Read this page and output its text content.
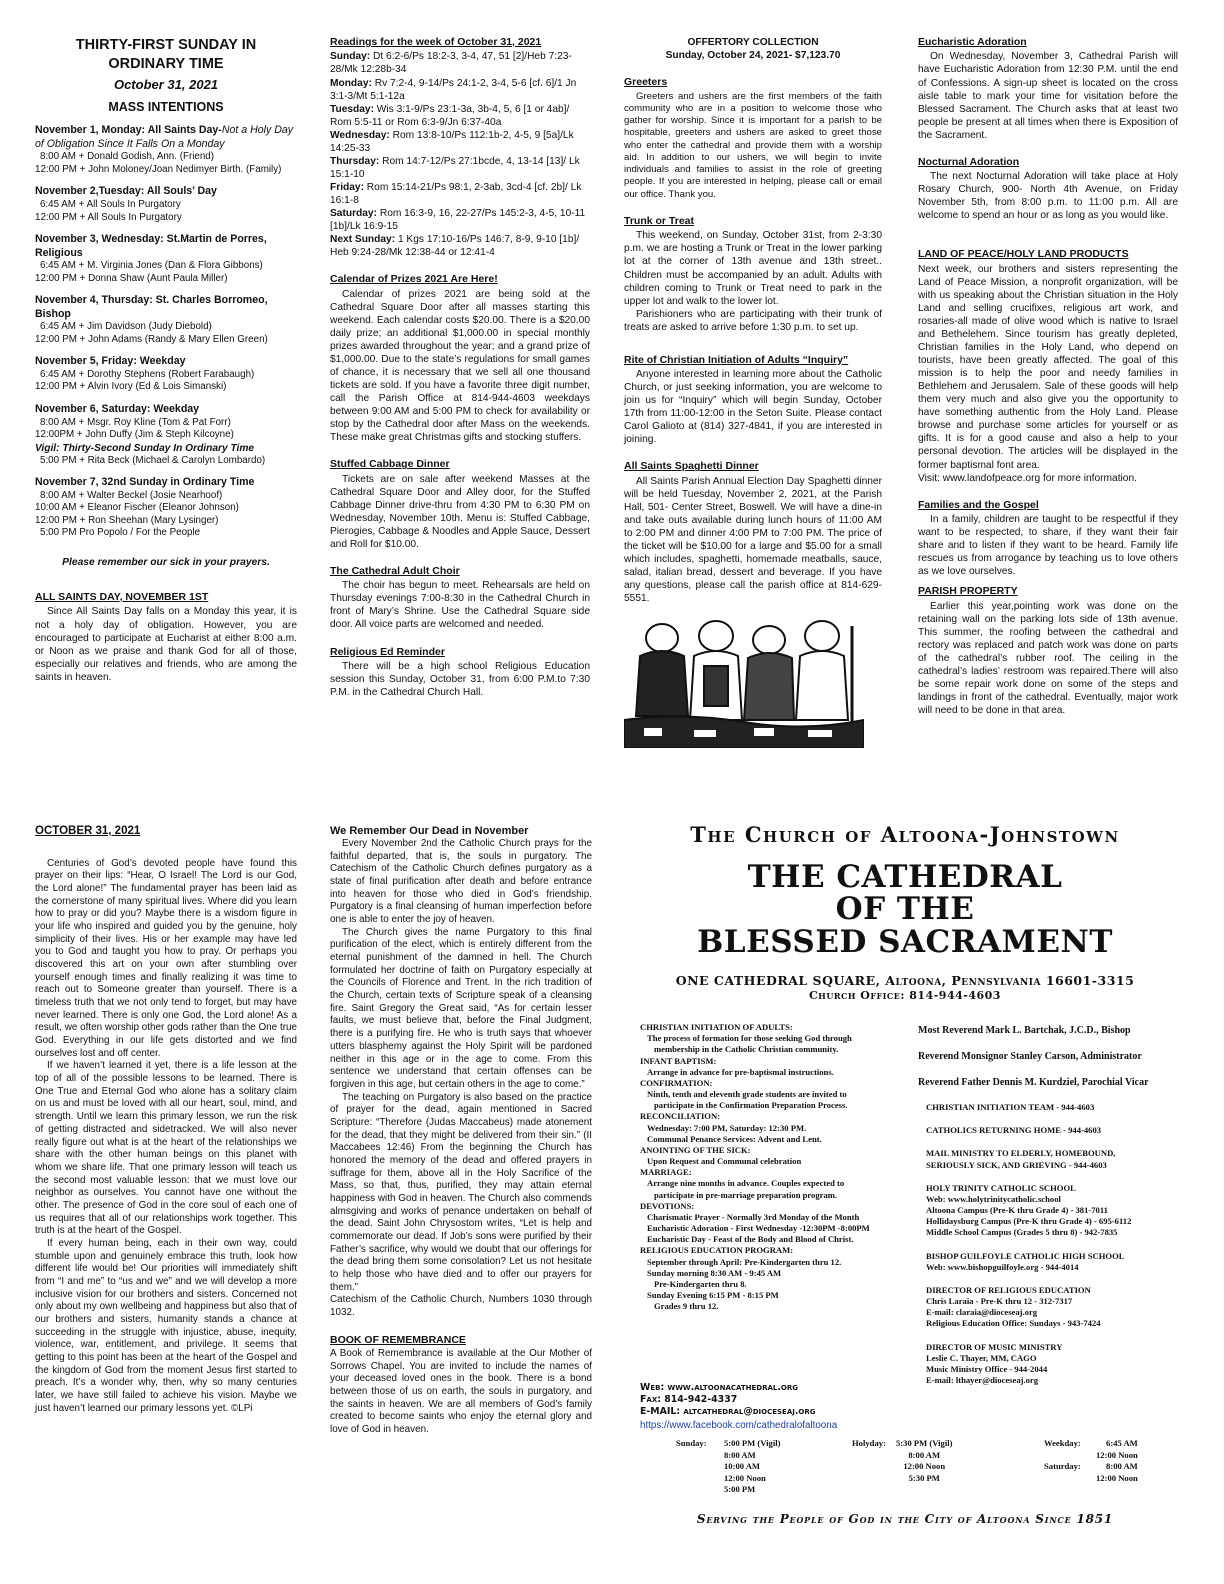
THIRTY-FIRST SUNDAY IN ORDINARY TIME
October 31, 2021
MASS INTENTIONS
November 1, Monday: All Saints Day-Not a Holy Day of Obligation Since It Falls On a Monday
8:00 AM + Donald Godish, Ann. (Friend)
12:00 PM + John Moloney/Joan Nedimyer Birth. (Family)
November 2,Tuesday: All Souls’ Day
6:45 AM + All Souls In Purgatory
12:00 PM + All Souls In Purgatory
November 3, Wednesday: St.Martin de Porres, Religious
6:45 AM + M. Virginia Jones (Dan & Flora Gibbons)
12:00 PM + Donna Shaw (Aunt Paula Miller)
November 4, Thursday: St. Charles Borromeo, Bishop
6:45 AM + Jim Davidson (Judy Diebold)
12:00 PM + John Adams (Randy & Mary Ellen Green)
November 5, Friday: Weekday
6:45 AM + Dorothy Stephens (Robert Farabaugh)
12:00 PM + Alvin Ivory (Ed & Lois Simanski)
November 6, Saturday: Weekday
8:00 AM + Msgr. Roy Kline (Tom & Pat Forr)
12:00PM + John Duffy (Jim & Steph Kilcoyne)
Vigil: Thirty-Second Sunday In Ordinary Time
5:00 PM + Rita Beck (Michael & Carolyn Lombardo)
November 7, 32nd Sunday in Ordinary Time
8:00 AM + Walter Beckel (Josie Nearhoof)
10:00 AM + Eleanor Fischer (Eleanor Johnson)
12:00 PM + Ron Sheehan (Mary Lysinger)
5:00 PM Pro Popolo / For the People
Please remember our sick in your prayers.
ALL SAINTS DAY, NOVEMBER 1ST

Since All Saints Day falls on a Monday this year, it is not a holy day of obligation. However, you are encouraged to participate at Eucharist at either 8:00 a.m. or Noon as we praise and thank God for all of those, especially our relatives and friends, who are among the saints in heaven.

Readings for the week of October 31, 2021
Sunday: Dt 6:2-6/Ps 18:2-3, 3-4, 47, 51 [2]/Heb 7:23-28/Mk 12:28b-34
Monday: Rv 7:2-4, 9-14/Ps 24:1-2, 3-4, 5-6 [cf. 6]/1 Jn 3:1-3/Mt 5:1-12a
Tuesday: Wis 3:1-9/Ps 23:1-3a, 3b-4, 5, 6 [1 or 4ab]/ Rom 5:5-11 or Rom 6:3-9/Jn 6:37-40a
Wednesday: Rom 13:8-10/Ps 112:1b-2, 4-5, 9 [5a]/Lk 14:25-33
Thursday: Rom 14:7-12/Ps 27:1bcde, 4, 13-14 [13]/ Lk 15:1-10
Friday: Rom 15:14-21/Ps 98:1, 2-3ab, 3cd-4 [cf. 2b]/ Lk 16:1-8
Saturday: Rom 16:3-9, 16, 22-27/Ps 145:2-3, 4-5, 10-11 [1b]/Lk 16:9-15
Next Sunday: 1 Kgs 17:10-16/Ps 146:7, 8-9, 9-10 [1b]/ Heb 9:24-28/Mk 12:38-44 or 12:41-4
Calendar of Prizes 2021 Are Here!

Calendar of prizes 2021 are being sold at the Cathedral Square Door after all masses starting this weekend. Each calendar costs $20.00. There is a $20.00 daily prize; an additional $1,000.00 in special monthly prizes awarded throughout the year; and a grand prize of $1,000.00. Due to the state’s regulations for small games of chance, it is necessary that we sell all one thousand tickets are sold. If you have a favorite three digit number, call the Parish Office at 814-944-4603 weekdays between 9:00 AM and 5:00 PM to check for availability or stop by the Cathedral door after Mass on the weekends. These make great Christmas gifts and stocking stuffers.

Stuffed Cabbage Dinner

Tickets are on sale after weekend Masses at the Cathedral Square Door and Alley door, for the Stuffed Cabbage Dinner drive-thru from 4:30 PM to 6:30 PM on Wednesday, November 10th. Menu is: Stuffed Cabbage, Pierogies, Cabbage & Noodles and Apple Sauce, Dessert and Roll for $10.00.

The Cathedral Adult Choir

The choir has begun to meet. Rehearsals are held on Thursday evenings 7:00-8:30 in the Cathedral Church in front of Mary’s Shrine. Use the Cathedral Square side door. All voice parts are welcomed and needed.

Religious Ed Reminder

There will be a high school Religious Education session this Sunday, October 31, from 6:00 P.M.to 7:30 P.M. in the Cathedral Church Hall.

OFFERTORY COLLECTION
Sunday, October 24, 2021- $7,123.70
Greeters

Greeters and ushers are the first members of the faith community who are in a position to welcome those who gather for worship. Since it is important for a parish to be hospitable, greeters and ushers are asked to greet those who enter the cathedral and provide them with a worship aid. In addition to our ushers, we will begin to invite individuals and families to assist in the role of greeting people. If you are interested in helping, please call or email our office. Thank you.

Trunk or Treat

This weekend, on Sunday, October 31st, from 2-3:30 p.m. we are hosting a Trunk or Treat in the lower parking lot at the corner of 13th avenue and 13th street.. Children must be accompanied by an adult. Adults with children coming to Trunk or Treat need to park in the upper lot and walk to the lower lot.

Parishioners who are participating with their trunk of treats are asked to arrive before 1:30 p.m. to set up.

Rite of Christian Initiation of Adults “Inquiry”

Anyone interested in learning more about the Catholic Church, or just seeking information, you are welcome to join us for “Inquiry” which will begin Sunday, October 17th from 11:00-12:00 in the Seton Suite. Please contact Carol Galioto at (814) 327-4841, if you are interested in joining.

All Saints Spaghetti Dinner

All Saints Parish Annual Election Day Spaghetti dinner will be held Tuesday, November 2, 2021, at the Parish Hall, 501- Center Street, Boswell. We will have a dine-in and take outs available during lunch hours of 11:00 AM to 2:00 PM and dinner 4:00 PM to 7:00 PM. The price of the ticket will be $10.00 for a large and $5.00 for a small which includes, spaghetti, homemade meatballs, sauce, salad, italian bread, dessert and beverage. If you have any questions, please call the parish office at 814-629-5551.

Eucharistic Adoration

On Wednesday, November 3, Cathedral Parish will have Eucharistic Adoration from 12:30 P.M. until the end of Confessions. A sign-up sheet is located on the cross aisle table to mark your time for visitation before the Blessed Sacrament. The Church asks that at least two people be present at all times when there is Exposition of the Sacrament.

Nocturnal Adoration

The next Nocturnal Adoration will take place at Holy Rosary Church, 900- North 4th Avenue, on Friday November 5th, from 8:00 p.m. to 11:00 p.m. All are welcome to spend an hour or as long as you would like.

LAND OF PEACE/HOLY LAND PRODUCTS

Next week, our brothers and sisters representing the Land of Peace Mission, a nonprofit organization, will be with us speaking about the Christian situation in the Holy Land and selling crucifixes, religious art work, and rosaries-all made of olive wood which is native to Israel and Bethelehem. Since tourism has greatly depleted, Christian families in the Holy Land, who depend on tourists, have been greatly affected. The goal of this mission is to help the poor and needy families in Bethlehem and Jerusalem. Sale of these goods will help them very much and also give you the opportunity to have something authentic from the Holy Land. Please browse and purchase some articles for yourself or as gifts. It is for a good cause and also a help to your personal devotion. The articles will be displayed in the former baptismal font area.

Visit: www.landofpeace.org for more information.

Families and the Gospel

In a family, children are taught to be respectful if they want to be respected, to share, if they want their fair share and to listen if they want to be heard. Family life rescues us from arrogance by teaching us to love others as we love ourselves.

PARISH PROPERTY

Earlier this year,pointing work was done on the retaining wall on the parking lots side of 13th avenue. This summer, the roofing between the cathedral and rectory was replaced and patch work was done on parts of the cathedral’s rubber roof. The ceiling in the cathedral’s ladies’ restroom was repaired.There will also be some repair work done on some of the steps and landings in front of the cathedral. Eventually, major work will need to be done in that area.

OCTOBER 31, 2021

Centuries of God’s devoted people have found this prayer on their lips: “Hear, O Israel! The Lord is our God, the Lord alone!” The fundamental prayer has been laid as the cornerstone of many spiritual lives. Where did you learn how to pray or did you? Maybe there is a wisdom figure in your life who inspired and guided you by the genuine, holy simplicity of their lives. His or her example may have led you to God and taught you how to pray. Or perhaps you discovered this art on your own after stumbling over yourself enough times and finally realizing it was time to reach out to Someone greater than yourself. There is a timeless truth that we not only tend to forget, but may have never learned. There is only one God, the Lord alone! As a result, we often worship other gods rather than the One true God. Everything in our life gets distorted and we find ourselves lost and off center.

If we haven’t learned it yet, there is a life lesson at the top of all of the possible lessons to be learned. There is One True and Eternal God who alone has a solitary claim on us and must be loved with all our heart, soul, mind, and strength. Until we learn this primary lesson, we run the risk of getting distracted and sidetracked. We will also never really figure out what is at the heart of the relationships we share with the other human beings on this planet with whom we share life. That one primary lesson will teach us the second most valuable lesson: that we must love our neighbor as ourselves. You cannot have one without the other. The presence of God in the core soul of each one of us requires that all of our relationships work together. This truth is at the heart of the Gospel.

If every human being, each in their own way, could stumble upon and genuinely embrace this truth, look how different life would be! Our priorities will immediately shift from “I and me” to “us and we” and we will develop a more inclusive vision for our brothers and sisters. Concerned not only about my own wellbeing and happiness but also that of our brothers and sisters, humanity stands a chance at succeeding in the struggle with injustice, abuse, inequity, violence, war, entitlement, and privilege. It seems that getting to this point has been at the heart of the Gospel and the kingdom of God from the moment Jesus first started to preach. It’s a wonder why, then, why so many centuries later, we have still failed to achieve his vision. Maybe we just haven’t learned our primary lessons yet. ©LPi

We Remember Our Dead in November

Every November 2nd the Catholic Church prays for the faithful departed, that is, the souls in purgatory. The Catechism of the Catholic Church defines purgatory as a state of final purification after death and before entrance into heaven for those who died in God’s friendship. Purgatory is a final cleansing of human imperfection before one is able to enter the joy of heaven.

The Church gives the name Purgatory to this final purification of the elect, which is entirely different from the eternal punishment of the damned in hell. The Church formulated her doctrine of faith on Purgatory especially at the Councils of Florence and Trent. In the rich tradition of the Church, certain texts of Scripture speak of a cleansing fire. Saint Gregory the Great said, “As for certain lesser faults, we must believe that, before the Final Judgment, there is a purifying fire. He who is truth says that whoever utters blasphemy against the Holy Spirit will be pardoned neither in this age or in the age to come. From this sentence we understand that certain offenses can be forgiven in this age, but certain others in the age to come.”

The teaching on Purgatory is also based on the practice of prayer for the dead, again mentioned in Sacred Scripture: “Therefore (Judas Maccabeus) made atonement for the dead, that they might be delivered from their sin.” (II Maccabees 12:46) From the beginning the Church has honored the memory of the dead and offered prayers in suffrage for them, above all in the Holy Sacrifice of the Mass, so that, thus, purified, they may attain eternal happiness with God in heaven. The Church also commends almsgiving and works of penance undertaken on behalf of the dead. Saint John Chrysostom writes, “Let is help and commemorate our dead. If Job’s sons were purified by their Father’s sacrifice, why would we doubt that our offerings for the dead bring them some consolation? Let us not hesitate to help those who have died and to offer our prayers for them.”

Catechism of the Catholic Church, Numbers 1030 through 1032.

BOOK OF REMEMBRANCE

A Book of Remembrance is available at the Our Mother of Sorrows Chapel. You are invited to include the names of your deceased loved ones in the book. There is a bond between those of us on earth, the souls in purgatory, and the saints in heaven. We are all members of God’s family created to become saints who enjoy the eternal glory and love of God in heaven.

The Church of Altoona-Johnstown
THE CATHEDRAL
OF THE
BLESSED SACRAMENT
ONE CATHEDRAL SQUARE, Altoona, Pennsylvania 16601-3315
Church Office: 814-944-4603
CHRISTIAN INITIATION OF ADULTS:
The process of formation for those seeking God through
membership in the Catholic Christian community.
INFANT BAPTISM:
Arrange in advance for pre-baptismal instructions.
CONFIRMATION:
Ninth, tenth and eleventh grade students are invited to
participate in the Confirmation Preparation Process.
RECONCILIATION:
Wednesday: 7:00 PM, Saturday: 12:30 PM.
Communal Penance Services: Advent and Lent.
ANOINTING OF THE SICK:
Upon Request and Communal celebration
MARRIAGE:
Arrange nine months in advance. Couples expected to
participate in pre-marriage preparation program.
DEVOTIONS:
Charismatic Prayer - Normally 3rd Monday of the Month
Eucharistic Adoration - First Wednesday -12:30PM -8:00PM
Eucharistic Day - Feast of the Body and Blood of Christ.
RELIGIOUS EDUCATION PROGRAM:
September through April: Pre-Kindergarten thru 12.
Sunday morning 8:30 AM - 9:45 AM
Pre-Kindergarten thru 8.
Sunday Evening 6:15 PM - 8:15 PM
Grades 9 thru 12.
Web: www.altoonacathedral.org
Fax: 814-942-4337
E-MAIL: altcathedral@dioceseaj.org
https://www.facebook.com/cathedralofaltoona
Most Reverend Mark L. Bartchak, J.C.D., Bishop
Reverend Monsignor Stanley Carson, Administrator
Reverend Father Dennis M. Kurdziel, Parochial Vicar
CHRISTIAN INITIATION TEAM - 944-4603
CATHOLICS RETURNING HOME - 944-4603
MAIL MINISTRY TO ELDERLY, HOMEBOUND,
SERIOUSLY SICK, AND GRIEVING - 944-4603
HOLY TRINITY CATHOLIC SCHOOL
Web: www.holytrinitycatholic.school
Altoona Campus (Pre-K thru Grade 4) - 381-7011
Hollidaysburg Campus (Pre-K thru Grade 4) - 695-6112
Middle School Campus (Grades 5 thru 8) - 942-7835
BISHOP GUILFOYLE CATHOLIC HIGH SCHOOL
Web: www.bishopguilfoyle.org - 944-4014
DIRECTOR OF RELIGIOUS EDUCATION
Chris Laraia - Pre-K thru 12 - 312-7317
E-mail: claraia@dioceseaj.org
Religious Education Office: Sundays - 943-7424
DIRECTOR OF MUSIC MINISTRY
Leslie C. Thayer, MM, CAGO
Music Ministry Office - 944-2044
E-mail: lthayer@dioceseaj.org
Sunday: 5:00 PM (Vigil)
8:00 AM
10:00 AM
12:00 Noon
5:00 PM
Holyday: 5:30 PM (Vigil)
8:00 AM
12:00 Noon
5:30 PM
Weekday:	6:45 AM
12:00 Noon
Saturday:	8:00 AM
12:00 Noon
Serving the People of God in the City of Altoona Since 1851
